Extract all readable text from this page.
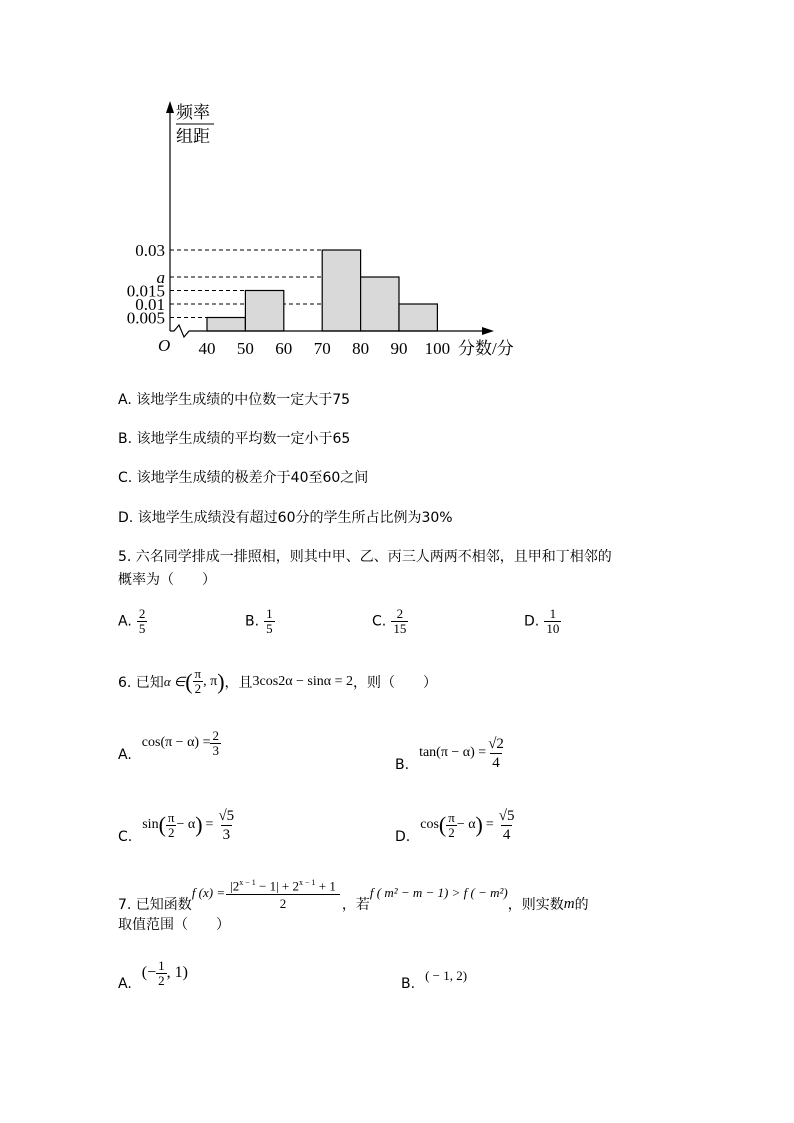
频率
组距
O 40 50 60 70 80 90 100
0.005
0.01
0.015
a
0.03
分数/分
A. 该地学生成绩的中位数一定大于75
B. 该地学生成绩的平均数一定小于65
C. 该地学生成绩的极差介于40至60之间
D. 该地学生成绩没有超过60分的学生所占比例为30%
5. 六名同学排成一排照相，则其中甲、乙、丙三人两两不相邻，且甲和丁相邻的
概率为（　　）
A. $\frac{2}{5}$	B. $\frac{1}{5}$	C. $\frac{2}{15}$	D. $\frac{1}{10}$
6. 已知 α ∈ ( $\frac{\pi}{2}$ , π ) ，且 3cos2α − sinα = 2 ，则（　　）
A.
$\cos(\pi - \alpha) = \frac{2}{3}$
B.
$\tan(\pi - \alpha) = \frac{√2}{4}$
C.
sin ( $\frac{\pi}{2} - \alpha$ ) = $\frac{√5}{3}$	D.
cos ( $\frac{\pi}{2} - \alpha$ ) = $\frac{√5}{4}$
7. 已知函数
f $(x) = \frac{|2^{x - 1} - 1| + 2^{x - 1} + 1}{2}$ ，若
f ( m² − m − 1) > f ( − m²)
，则实数 m 的
取值范围（　　）
A.
(− $\frac{1}{2}$ , 1)
B.
( − 1, 2)
